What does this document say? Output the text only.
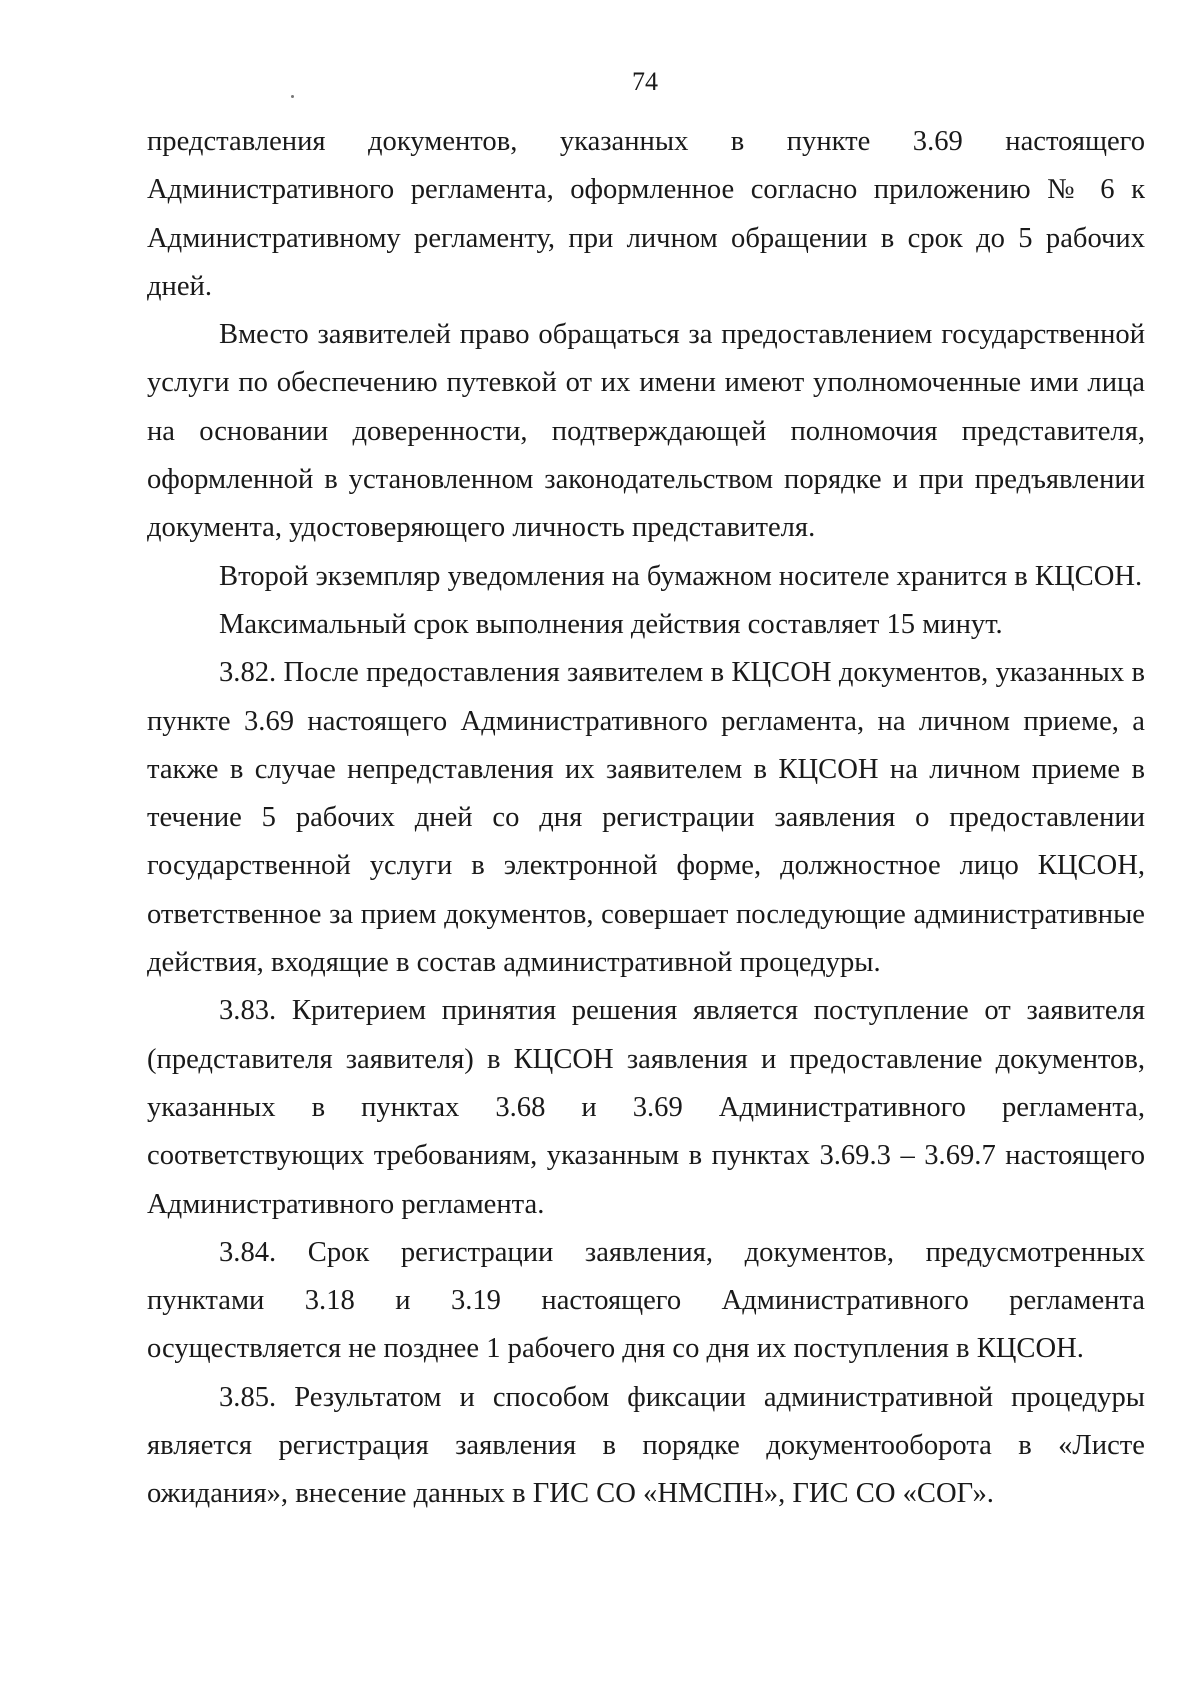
74

представления документов, указанных в пункте 3.69 настоящего Административного регламента, оформленное согласно приложению № 6 к Административному регламенту, при личном обращении в срок до 5 рабочих дней.

Вместо заявителей право обращаться за предоставлением государственной услуги по обеспечению путевкой от их имени имеют уполномоченные ими лица на основании доверенности, подтверждающей полномочия представителя, оформленной в установленном законодательством порядке и при предъявлении документа, удостоверяющего личность представителя.

Второй экземпляр уведомления на бумажном носителе хранится в КЦСОН.

Максимальный срок выполнения действия составляет 15 минут.

3.82. После предоставления заявителем в КЦСОН документов, указанных в пункте 3.69 настоящего Административного регламента, на личном приеме, а также в случае непредставления их заявителем в КЦСОН на личном приеме в течение 5 рабочих дней со дня регистрации заявления о предоставлении государственной услуги в электронной форме, должностное лицо КЦСОН, ответственное за прием документов, совершает последующие административные действия, входящие в состав административной процедуры.

3.83. Критерием принятия решения является поступление от заявителя (представителя заявителя) в КЦСОН заявления и предоставление документов, указанных в пунктах 3.68 и 3.69 Административного регламента, соответствующих требованиям, указанным в пунктах 3.69.3 – 3.69.7 настоящего Административного регламента.

3.84. Срок регистрации заявления, документов, предусмотренных пунктами 3.18 и 3.19 настоящего Административного регламента осуществляется не позднее 1 рабочего дня со дня их поступления в КЦСОН.

3.85. Результатом и способом фиксации административной процедуры является регистрация заявления в порядке документооборота в «Листе ожидания», внесение данных в ГИС СО «НМСПН», ГИС СО «СОГ».
